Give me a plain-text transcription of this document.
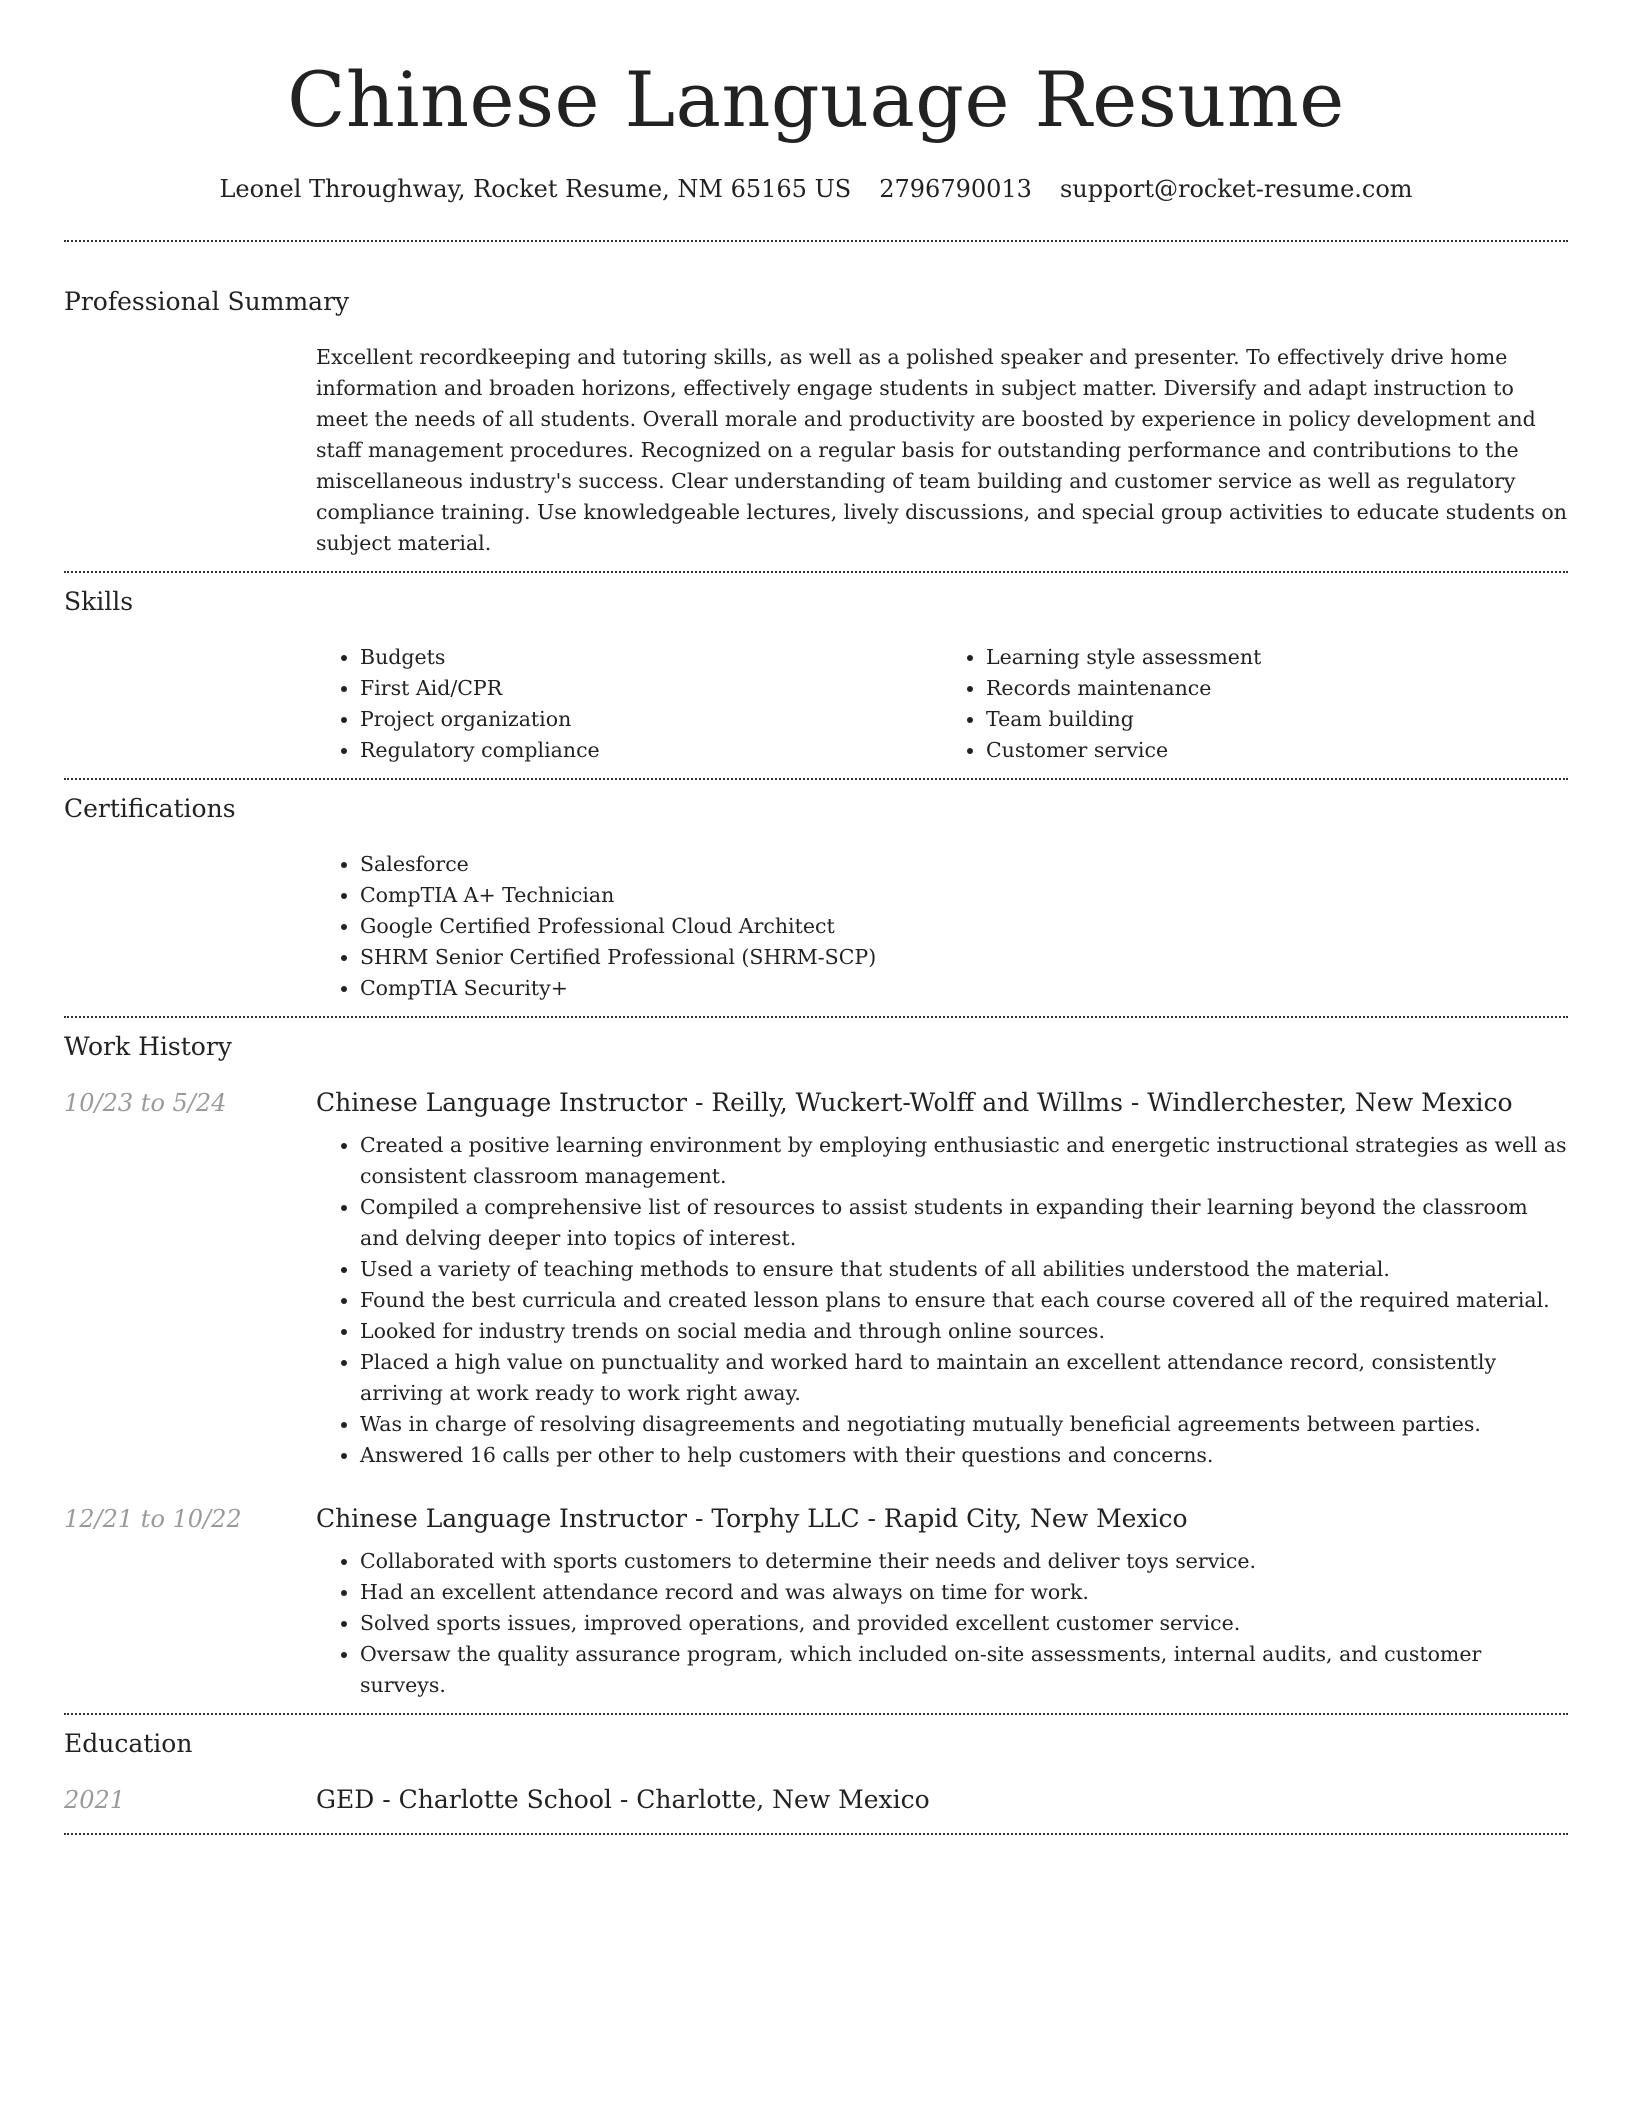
Chinese Language Resume
Leonel Throughway, Rocket Resume, NM 65165 US 2796790013 support@rocket-resume.com
Professional Summary

Excellent recordkeeping and tutoring skills, as well as a polished speaker and presenter. To effectively drive home information and broaden horizons, effectively engage students in subject matter. Diversify and adapt instruction to meet the needs of all students. Overall morale and productivity are boosted by experience in policy development and staff management procedures. Recognized on a regular basis for outstanding performance and contributions to the miscellaneous industry's success. Clear understanding of team building and customer service as well as regulatory compliance training. Use knowledgeable lectures, lively discussions, and special group activities to educate students on subject material.

Skills
• Budgets
• First Aid/CPR
• Project organization
• Regulatory compliance
• Learning style assessment
• Records maintenance
• Team building
• Customer service
Certifications
• Salesforce
• CompTIA A+ Technician
• Google Certified Professional Cloud Architect
• SHRM Senior Certified Professional (SHRM-SCP)
• CompTIA Security+
Work History
10/23 to 5/24	Chinese Language Instructor - Reilly, Wuckert-Wolff and Willms - Windlerchester, New Mexico
• Created a positive learning environment by employing enthusiastic and energetic instructional strategies as well as consistent classroom management.
• Compiled a comprehensive list of resources to assist students in expanding their learning beyond the classroom and delving deeper into topics of interest.
• Used a variety of teaching methods to ensure that students of all abilities understood the material.
• Found the best curricula and created lesson plans to ensure that each course covered all of the required material.
• Looked for industry trends on social media and through online sources.
• Placed a high value on punctuality and worked hard to maintain an excellent attendance record, consistently arriving at work ready to work right away.
• Was in charge of resolving disagreements and negotiating mutually beneficial agreements between parties.
• Answered 16 calls per other to help customers with their questions and concerns.
12/21 to 10/22	Chinese Language Instructor - Torphy LLC - Rapid City, New Mexico
• Collaborated with sports customers to determine their needs and deliver toys service.
• Had an excellent attendance record and was always on time for work.
• Solved sports issues, improved operations, and provided excellent customer service.
• Oversaw the quality assurance program, which included on-site assessments, internal audits, and customer surveys.
Education
2021	GED - Charlotte School - Charlotte, New Mexico
